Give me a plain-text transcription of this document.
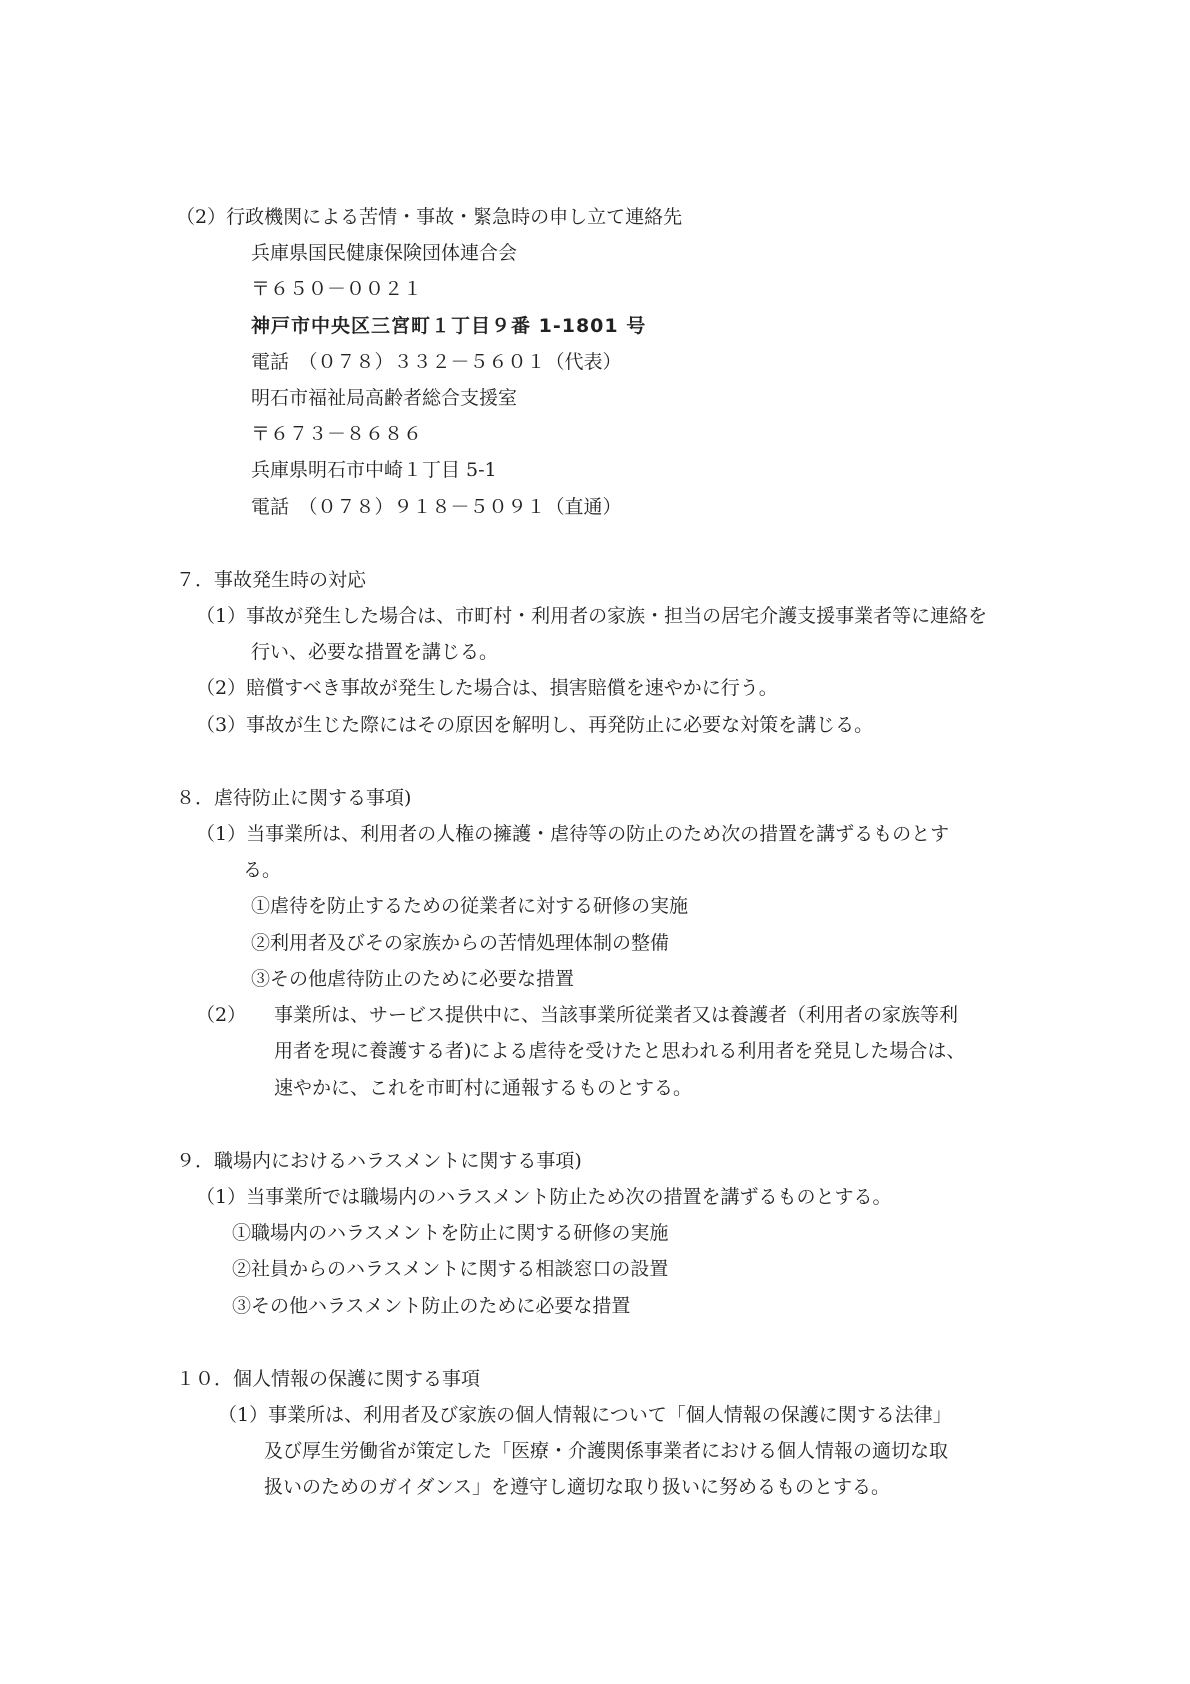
（2）行政機関による苦情・事故・緊急時の申し立て連絡先
兵庫県国民健康保険団体連合会
〒６５０－００２１
神戸市中央区三宮町１丁目９番 1-1801 号
電話　（０７８）３３２－５６０１（代表）
明石市福祉局高齢者総合支援室
〒６７３－８６８６
兵庫県明石市中崎１丁目 5-1
電話　（０７８）９１８－５０９１（直通）
７．事故発生時の対応
（1）事故が発生した場合は、市町村・利用者の家族・担当の居宅介護支援事業者等に連絡を
行い、必要な措置を講じる。
（2）賠償すべき事故が発生した場合は、損害賠償を速やかに行う。
（3）事故が生じた際にはその原因を解明し、再発防止に必要な対策を講じる。
８．虐待防止に関する事項)
（1）当事業所は、利用者の人権の擁護・虐待等の防止のため次の措置を講ずるものとす
る。
①虐待を防止するための従業者に対する研修の実施
②利用者及びその家族からの苦情処理体制の整備
③その他虐待防止のために必要な措置
（2） 事業所は、サービス提供中に、当該事業所従業者又は養護者（利用者の家族等利
用者を現に養護する者)による虐待を受けたと思われる利用者を発見した場合は、
速やかに、これを市町村に通報するものとする。
９．職場内におけるハラスメントに関する事項)
（1）当事業所では職場内のハラスメント防止ため次の措置を講ずるものとする。
①職場内のハラスメントを防止に関する研修の実施
②社員からのハラスメントに関する相談窓口の設置
③その他ハラスメント防止のために必要な措置
１０．個人情報の保護に関する事項
（1）事業所は、利用者及び家族の個人情報について「個人情報の保護に関する法律」
及び厚生労働省が策定した「医療・介護関係事業者における個人情報の適切な取
扱いのためのガイダンス」を遵守し適切な取り扱いに努めるものとする。
